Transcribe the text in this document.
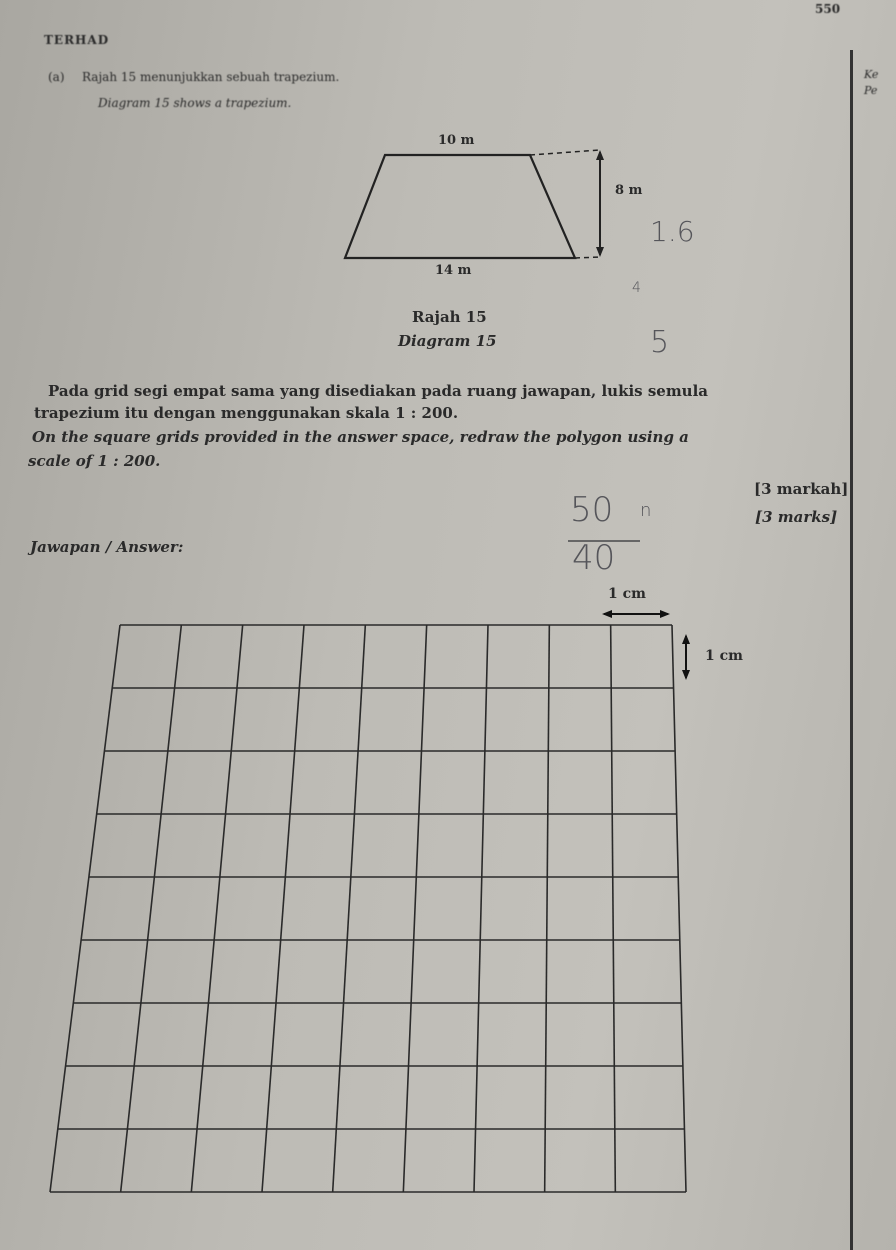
550
TERHAD
Ke
Pe
(a) Rajah 15 menunjukkan sebuah trapezium.
Diagram 15 shows a trapezium.
10 m
8 m
14 m
Rajah 15
Diagram 15
1.6
4
5
Pada grid segi empat sama yang disediakan pada ruang jawapan, lukis semula
trapezium itu dengan menggunakan skala 1 : 200.
On the square grids provided in the answer space, redraw the polygon using a
scale of 1 : 200.
[3 markah]
[3 marks]
50 n
40
Jawapan / Answer:
1 cm
1 cm
